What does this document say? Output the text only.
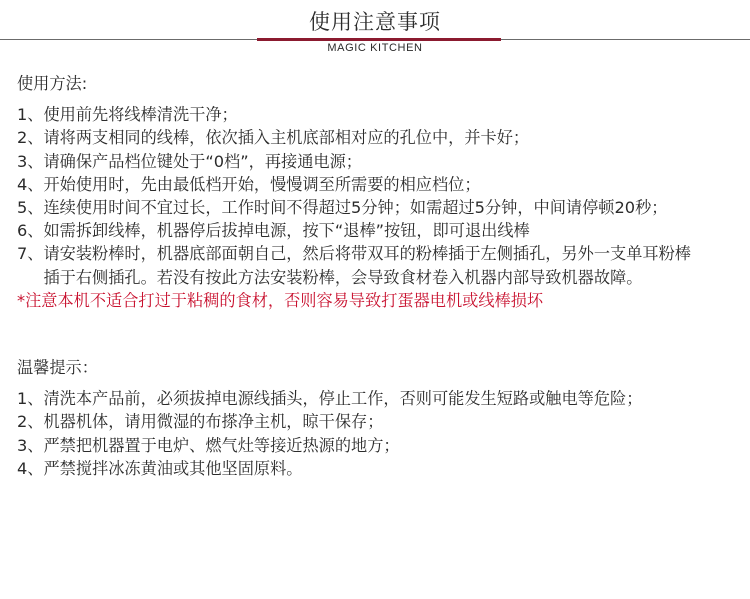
使用注意事项
MAGIC KITCHEN
使用方法:
1、 使用前先将线棒清洗干净；
2、 请将两支相同的线棒，依次插入主机底部相对应的孔位中，并卡好；
3、 请确保产品档位键处于“0档”，再接通电源；
4、 开始使用时，先由最低档开始，慢慢调至所需要的相应档位；
5、 连续使用时间不宜过长，工作时间不得超过5分钟；如需超过5分钟，中间请停顿20秒；
6、 如需拆卸线棒，机器停后拔掉电源，按下“退棒”按钮，即可退出线棒
7、 请安装粉棒时，机器底部面朝自己，然后将带双耳的粉棒插于左侧插孔，另外一支单耳粉棒
插于右侧插孔。若没有按此方法安装粉棒，会导致食材卷入机器内部导致机器故障。

*注意本机不适合打过于粘稠的食材，否则容易导致打蛋器电机或线棒损坏

温馨提示：
1、 清洗本产品前，必须拔掉电源线插头，停止工作，否则可能发生短路或触电等危险；
2、 机器机体，请用微湿的布搽净主机，晾干保存；
3、 严禁把机器置于电炉、燃气灶等接近热源的地方；
4、 严禁搅拌冰冻黄油或其他坚固原料。
